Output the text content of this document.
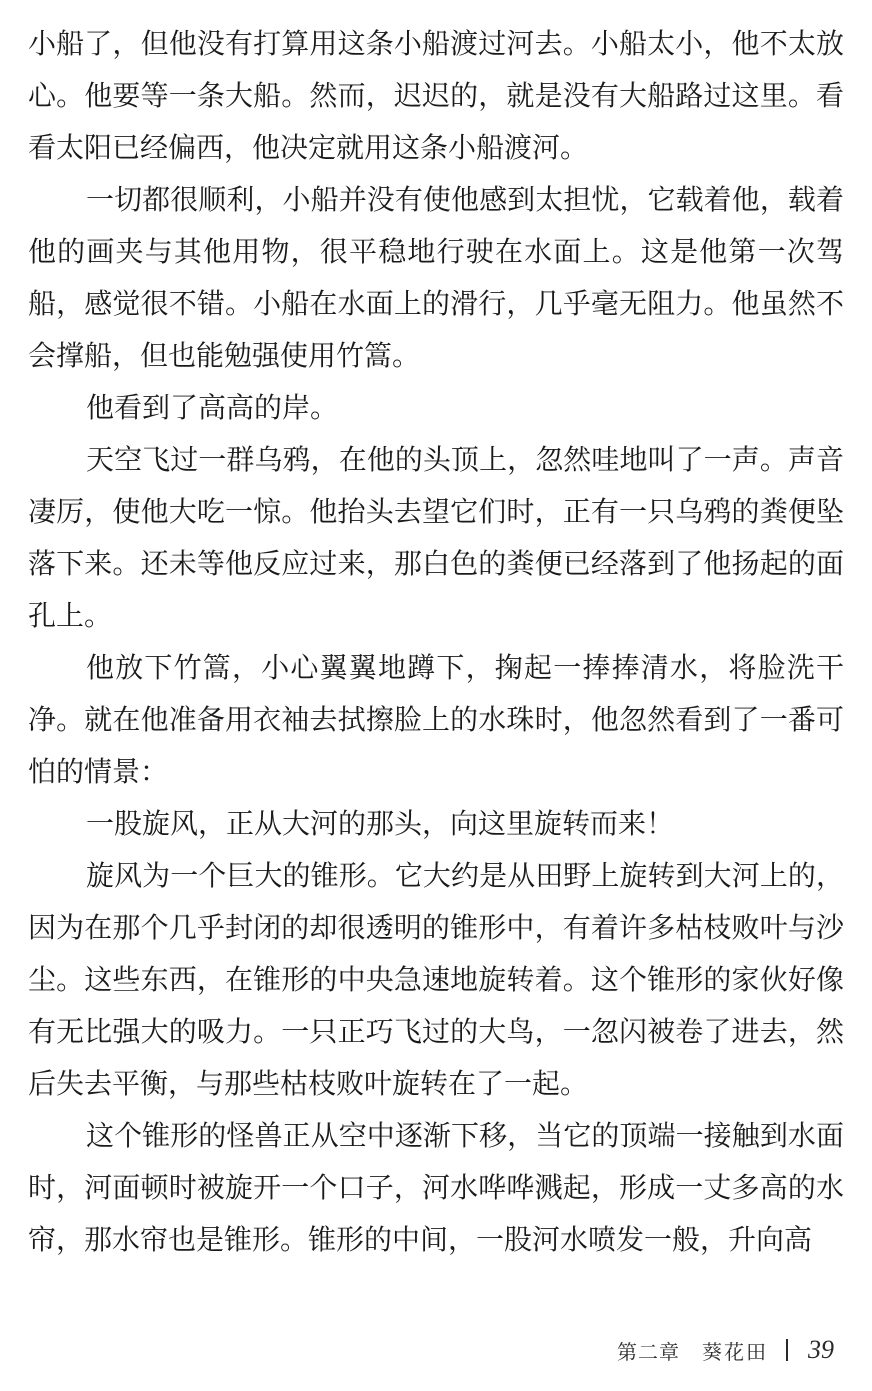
小船了，但他没有打算用这条小船渡过河去。小船太小，他不太放心。他要等一条大船。然而，迟迟的，就是没有大船路过这里。看看太阳已经偏西，他决定就用这条小船渡河。

一切都很顺利，小船并没有使他感到太担忧，它载着他，载着他的画夹与其他用物，很平稳地行驶在水面上。这是他第一次驾船，感觉很不错。小船在水面上的滑行，几乎毫无阻力。他虽然不会撑船，但也能勉强使用竹篙。

他看到了高高的岸。

天空飞过一群乌鸦，在他的头顶上，忽然哇地叫了一声。声音凄厉，使他大吃一惊。他抬头去望它们时，正有一只乌鸦的粪便坠落下来。还未等他反应过来，那白色的粪便已经落到了他扬起的面孔上。

他放下竹篙，小心翼翼地蹲下，掬起一捧捧清水，将脸洗干净。就在他准备用衣袖去拭擦脸上的水珠时，他忽然看到了一番可怕的情景：

一股旋风，正从大河的那头，向这里旋转而来！

旋风为一个巨大的锥形。它大约是从田野上旋转到大河上的，因为在那个几乎封闭的却很透明的锥形中，有着许多枯枝败叶与沙尘。这些东西，在锥形的中央急速地旋转着。这个锥形的家伙好像有无比强大的吸力。一只正巧飞过的大鸟，一忽闪被卷了进去，然后失去平衡，与那些枯枝败叶旋转在了一起。

这个锥形的怪兽正从空中逐渐下移，当它的顶端一接触到水面时，河面顿时被旋开一个口子，河水哗哗溅起，形成一丈多高的水帘，那水帘也是锥形。锥形的中间，一股河水喷发一般，升向高

第二章 葵花田 39
